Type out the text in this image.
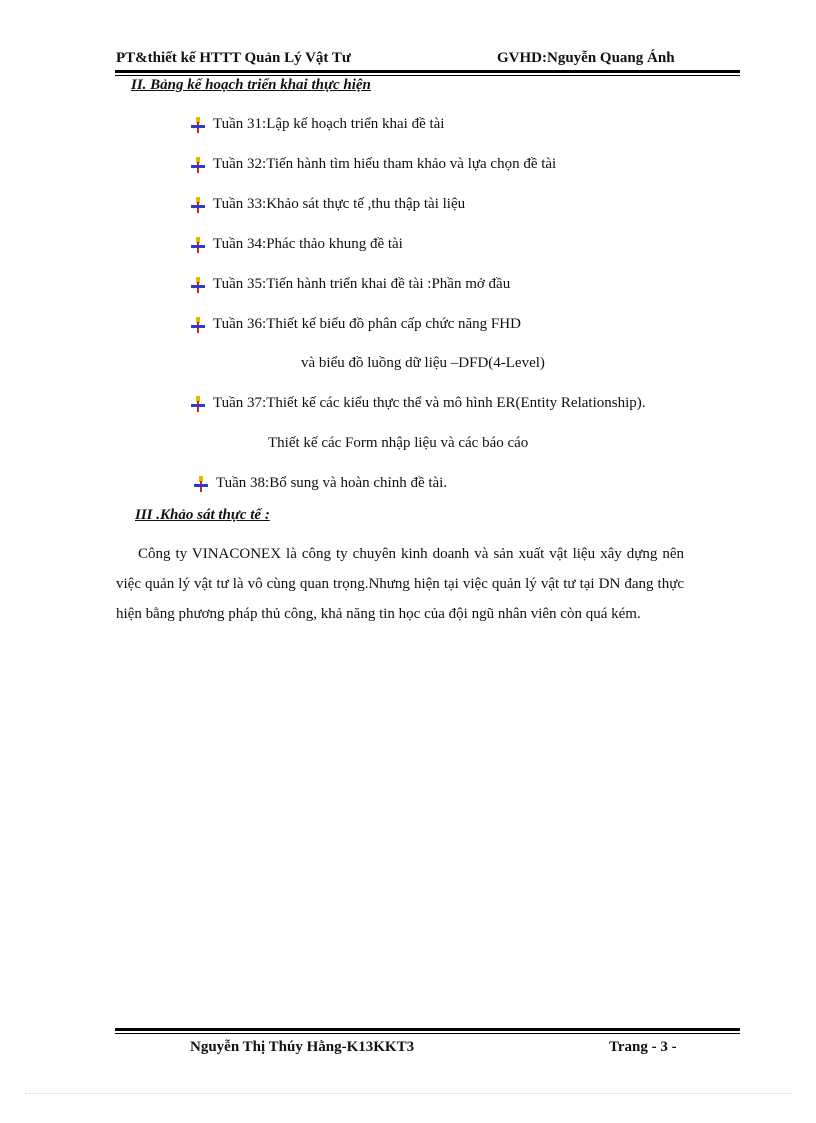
PT&thiết kế HTTT Quản Lý Vật Tư	GVHD:Nguyễn Quang Ánh
II. Bảng kế hoạch triển khai thực hiện
Tuần 31:Lập kế hoạch triển khai đề tài
Tuần 32:Tiến hành tìm hiểu tham khảo và lựa chọn đề tài
Tuần 33:Khảo sát thực tế ,thu thập tài liệu
Tuần 34:Phác thảo khung đề tài
Tuần 35:Tiến hành triển khai đề tài :Phần mở đầu
Tuần 36:Thiết kế biểu đồ phân cấp chức năng FHD
và biểu đồ luồng dữ liệu –DFD(4-Level)
Tuần 37:Thiết kế các kiểu thực thể và mô hình ER(Entity Relationship).
Thiết kế các Form nhập liệu và các báo cáo
Tuần 38:Bổ sung và hoàn chỉnh đề tài.
III .Khảo sát thực tế :

Công ty VINACONEX là công ty chuyên kinh doanh và sản xuất vật liệu xây dựng nên việc quản lý vật tư là vô cùng quan trọng.Nhưng hiện tại việc quản lý vật tư tại DN đang thực hiện bằng phương pháp thủ công, khả năng tin học của đội ngũ nhân viên còn quá kém.

Nguyễn Thị Thúy Hằng-K13KKT3	Trang - 3 -
